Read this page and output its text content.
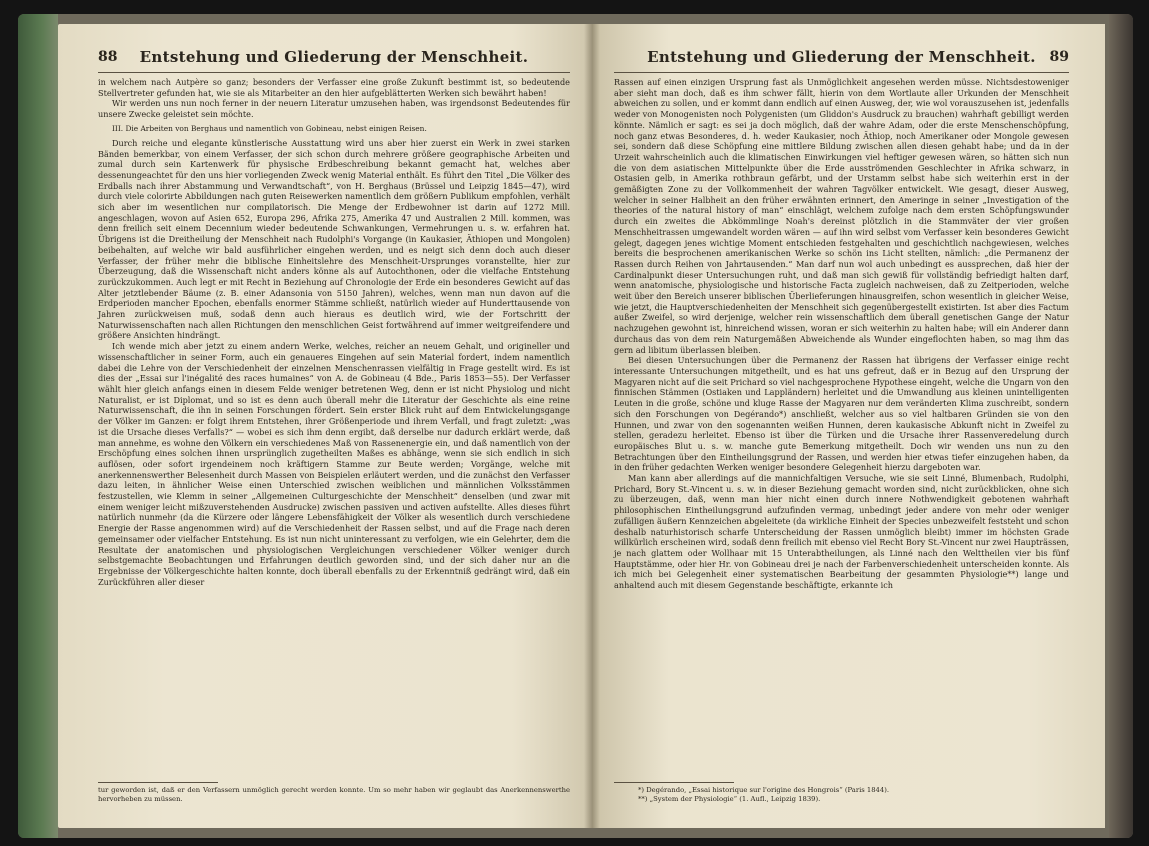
88	Entstehung und Gliederung der Menschheit.

in welchem nach Autpère so ganz; besonders der Verfasser eine große Zukunft bestimmt ist, so bedeutende Stellvertreter gefunden hat, wie sie als Mitarbeiter an den hier aufgeblätterten Werken sich bewährt haben!

Wir werden uns nun noch ferner in der neuern Literatur umzusehen haben, was irgendsonst Bedeutendes für unsere Zwecke geleistet sein möchte.

III. Die Arbeiten von Berghaus und namentlich von Gobineau, nebst einigen Reisen.

Durch reiche und elegante künstlerische Ausstattung wird uns aber hier zuerst ein Werk in zwei starken Bänden bemerkbar, von einem Verfasser, der sich schon durch mehrere größere geographische Arbeiten und zumal durch sein Kartenwerk für physische Erdbeschreibung bekannt gemacht hat, welches aber dessenungeachtet für den uns hier vorliegenden Zweck wenig Material enthält. Es führt den Titel „Die Völker des Erdballs nach ihrer Abstammung und Verwandtschaft“, von H. Berghaus (Brüssel und Leipzig 1845—47), wird durch viele colorirte Abbildungen nach guten Reisewerken namentlich dem größern Publikum empfohlen, verhält sich aber im wesentlichen nur compilatorisch. Die Menge der Erdbewohner ist darin auf 1272 Mill. angeschlagen, wovon auf Asien 652, Europa 296, Afrika 275, Amerika 47 und Australien 2 Mill. kommen, was denn freilich seit einem Decennium wieder bedeutende Schwankungen, Vermehrungen u. s. w. erfahren hat. Übrigens ist die Dreitheilung der Menschheit nach Rudolphi's Vorgange (in Kaukasier, Äthiopen und Mongolen) beibehalten, auf welche wir bald ausführlicher eingehen werden, und es neigt sich denn doch auch dieser Verfasser, der früher mehr die biblische Einheitslehre des Menschheit-Ursprunges voranstellte, hier zur Überzeugung, daß die Wissenschaft nicht anders könne als auf Autochthonen, oder die vielfache Entstehung zurückzukommen. Auch legt er mit Recht in Beziehung auf Chronologie der Erde ein besonderes Gewicht auf das Alter jetztlebender Bäume (z. B. einer Adansonia von 5150 Jahren), welches, wenn man nun davon auf die Erdperioden mancher Epochen, ebenfalls enormer Stämme schließt, natürlich wieder auf Hunderttausende von Jahren zurückweisen muß, sodaß denn auch hieraus es deutlich wird, wie der Fortschritt der Naturwissenschaften nach allen Richtungen den menschlichen Geist fortwährend auf immer weitgreifendere und größere Ansichten hindrängt.

Ich wende mich aber jetzt zu einem andern Werke, welches, reicher an neuem Gehalt, und origineller und wissenschaftlicher in seiner Form, auch ein genaueres Eingehen auf sein Material fordert, indem namentlich dabei die Lehre von der Verschiedenheit der einzelnen Menschenrassen vielfältig in Frage gestellt wird. Es ist dies der „Essai sur l'inégalité des races humaines“ von A. de Gobineau (4 Bde., Paris 1853—55). Der Verfasser wählt hier gleich anfangs einen in diesem Felde weniger betretenen Weg, denn er ist nicht Physiolog und nicht Naturalist, er ist Diplomat, und so ist es denn auch überall mehr die Literatur der Geschichte als eine reine Naturwissenschaft, die ihn in seinen Forschungen fördert. Sein erster Blick ruht auf dem Entwickelungsgange der Völker im Ganzen: er folgt ihrem Entstehen, ihrer Größenperiode und ihrem Verfall, und fragt zuletzt: „was ist die Ursache dieses Verfalls?“ — wobei es sich ihm denn ergibt, daß derselbe nur dadurch erklärt werde, daß man annehme, es wohne den Völkern ein verschiedenes Maß von Rassenenergie ein, und daß namentlich von der Erschöpfung eines solchen ihnen ursprünglich zugetheilten Maßes es abhänge, wenn sie sich endlich in sich auflösen, oder sofort irgendeinem noch kräftigern Stamme zur Beute werden; Vorgänge, welche mit anerkennenswerther Belesenheit durch Massen von Beispielen erläutert werden, und die zunächst den Verfasser dazu leiten, in ähnlicher Weise einen Unterschied zwischen weiblichen und männlichen Volksstämmen festzustellen, wie Klemm in seiner „Allgemeinen Culturgeschichte der Menschheit“ denselben (und zwar mit einem weniger leicht mißzuverstehenden Ausdrucke) zwischen passiven und activen aufstellte. Alles dieses führt natürlich nunmehr (da die Kürzere oder längere Lebensfähigkeit der Völker als wesentlich durch verschiedene Energie der Rasse angenommen wird) auf die Verschiedenheit der Rassen selbst, und auf die Frage nach deren gemeinsamer oder vielfacher Entstehung. Es ist nun nicht uninteressant zu verfolgen, wie ein Gelehrter, dem die Resultate der anatomischen und physiologischen Vergleichungen verschiedener Völker weniger durch selbstgemachte Beobachtungen und Erfahrungen deutlich geworden sind, und der sich daher nur an die Ergebnisse der Völkergeschichte halten konnte, doch überall ebenfalls zu der Erkenntniß gedrängt wird, daß ein Zurückführen aller dieser

tur geworden ist, daß er den Verfassern unmöglich gerecht werden konnte. Um so mehr haben wir geglaubt das Anerkennenswerthe hervorheben zu müssen.

Entstehung und Gliederung der Menschheit. 89

Rassen auf einen einzigen Ursprung fast als Unmöglichkeit angesehen werden müsse. Nichtsdestoweniger aber sieht man doch, daß es ihm schwer fällt, hierin von dem Wortlaute aller Urkunden der Menschheit abweichen zu sollen, und er kommt dann endlich auf einen Ausweg, der, wie wol vorauszusehen ist, jedenfalls weder von Monogenisten noch Polygenisten (um Gliddon's Ausdruck zu brauchen) wahrhaft gebilligt werden könnte. Nämlich er sagt: es sei ja doch möglich, daß der wahre Adam, oder die erste Menschenschöpfung, noch ganz etwas Besonderes, d. h. weder Kaukasier, noch Äthiop, noch Amerikaner oder Mongole gewesen sei, sondern daß diese Schöpfung eine mittlere Bildung zwischen allen diesen gehabt habe; und da in der Urzeit wahrscheinlich auch die klimatischen Einwirkungen viel heftiger gewesen wären, so hätten sich nun die von dem asiatischen Mittelpunkte über die Erde ausströmenden Geschlechter in Afrika schwarz, in Ostasien gelb, in Amerika rothbraun gefärbt, und der Urstamm selbst habe sich weiterhin erst in der gemäßigten Zone zu der Vollkommenheit der wahren Tagvölker entwickelt. Wie gesagt, dieser Ausweg, welcher in seiner Halbheit an den früher erwähnten erinnert, den Ameringe in seiner „Investigation of the theories of the natural history of man“ einschlägt, welchem zufolge nach dem ersten Schöpfungswunder durch ein zweites die Abkömmlinge Noah's dereinst plötzlich in die Stammväter der vier großen Menschheitrassen umgewandelt worden wären — auf ihn wird selbst vom Verfasser kein besonderes Gewicht gelegt, dagegen jenes wichtige Moment entschieden festgehalten und geschichtlich nachgewiesen, welches bereits die besprochenen amerikanischen Werke so schön ins Licht stellten, nämlich: „die Permanenz der Rassen durch Reihen von Jahrtausenden.“ Man darf nun wol auch unbedingt es aussprechen, daß hier der Cardinalpunkt dieser Untersuchungen ruht, und daß man sich gewiß für vollständig befriedigt halten darf, wenn anatomische, physiologische und historische Facta zugleich nachweisen, daß zu Zeitperioden, welche weit über den Bereich unserer biblischen Überlieferungen hinausgreifen, schon wesentlich in gleicher Weise, wie jetzt, die Hauptverschiedenheiten der Menschheit sich gegenübergestellt existirten. Ist aber dies Factum außer Zweifel, so wird derjenige, welcher rein wissenschaftlich dem überall genetischen Gange der Natur nachzugehen gewohnt ist, hinreichend wissen, woran er sich weiterhin zu halten habe; will ein Anderer dann durchaus das von dem rein Naturgemäßen Abweichende als Wunder eingeflochten haben, so mag ihm das gern ad libitum überlassen bleiben.

Bei diesen Untersuchungen über die Permanenz der Rassen hat übrigens der Verfasser einige recht interessante Untersuchungen mitgetheilt, und es hat uns gefreut, daß er in Bezug auf den Ursprung der Magyaren nicht auf die seit Prichard so viel nachgesprochene Hypothese eingeht, welche die Ungarn von den finnischen Stämmen (Ostiaken und Lappländern) herleitet und die Umwandlung aus kleinen unintelligenten Leuten in die große, schöne und kluge Rasse der Magyaren nur dem veränderten Klima zuschreibt, sondern sich den Forschungen von Degérando*) anschließt, welcher aus so viel haltbaren Gründen sie von den Hunnen, und zwar von den sogenannten weißen Hunnen, deren kaukasische Abkunft nicht in Zweifel zu stellen, geradezu herleitet. Ebenso ist über die Türken und die Ursache ihrer Rassenveredelung durch europäisches Blut u. s. w. manche gute Bemerkung mitgetheilt. Doch wir wenden uns nun zu den Betrachtungen über den Eintheilungsgrund der Rassen, und werden hier etwas tiefer einzugehen haben, da in den früher gedachten Werken weniger besondere Gelegenheit hierzu dargeboten war.

Man kann aber allerdings auf die mannichfaltigen Versuche, wie sie seit Linné, Blumenbach, Rudolphi, Prichard, Bory St.-Vincent u. s. w. in dieser Beziehung gemacht worden sind, nicht zurückblicken, ohne sich zu überzeugen, daß, wenn man hier nicht einen durch innere Nothwendigkeit gebotenen wahrhaft philosophischen Eintheilungsgrund aufzufinden vermag, unbedingt jeder andere von mehr oder weniger zufälligen äußern Kennzeichen abgeleitete (da wirkliche Einheit der Species unbezweifelt feststeht und schon deshalb naturhistorisch scharfe Unterscheidung der Rassen unmöglich bleibt) immer im höchsten Grade willkürlich erscheinen wird, sodaß denn freilich mit ebenso viel Recht Bory St.-Vincent nur zwei Haupträssen, je nach glattem oder Wollhaar mit 15 Unterabtheilungen, als Linné nach den Welttheilen vier bis fünf Hauptstämme, oder hier Hr. von Gobineau drei je nach der Farbenverschiedenheit unterscheiden konnte. Als ich mich bei Gelegenheit einer systematischen Bearbeitung der gesammten Physiologie**) lange und anhaltend auch mit diesem Gegenstande beschäftigte, erkannte ich

*) Degérando, „Essai historique sur l'origine des Hongrois“ (Paris 1844).

**) „System der Physiologie“ (1. Aufl., Leipzig 1839).
